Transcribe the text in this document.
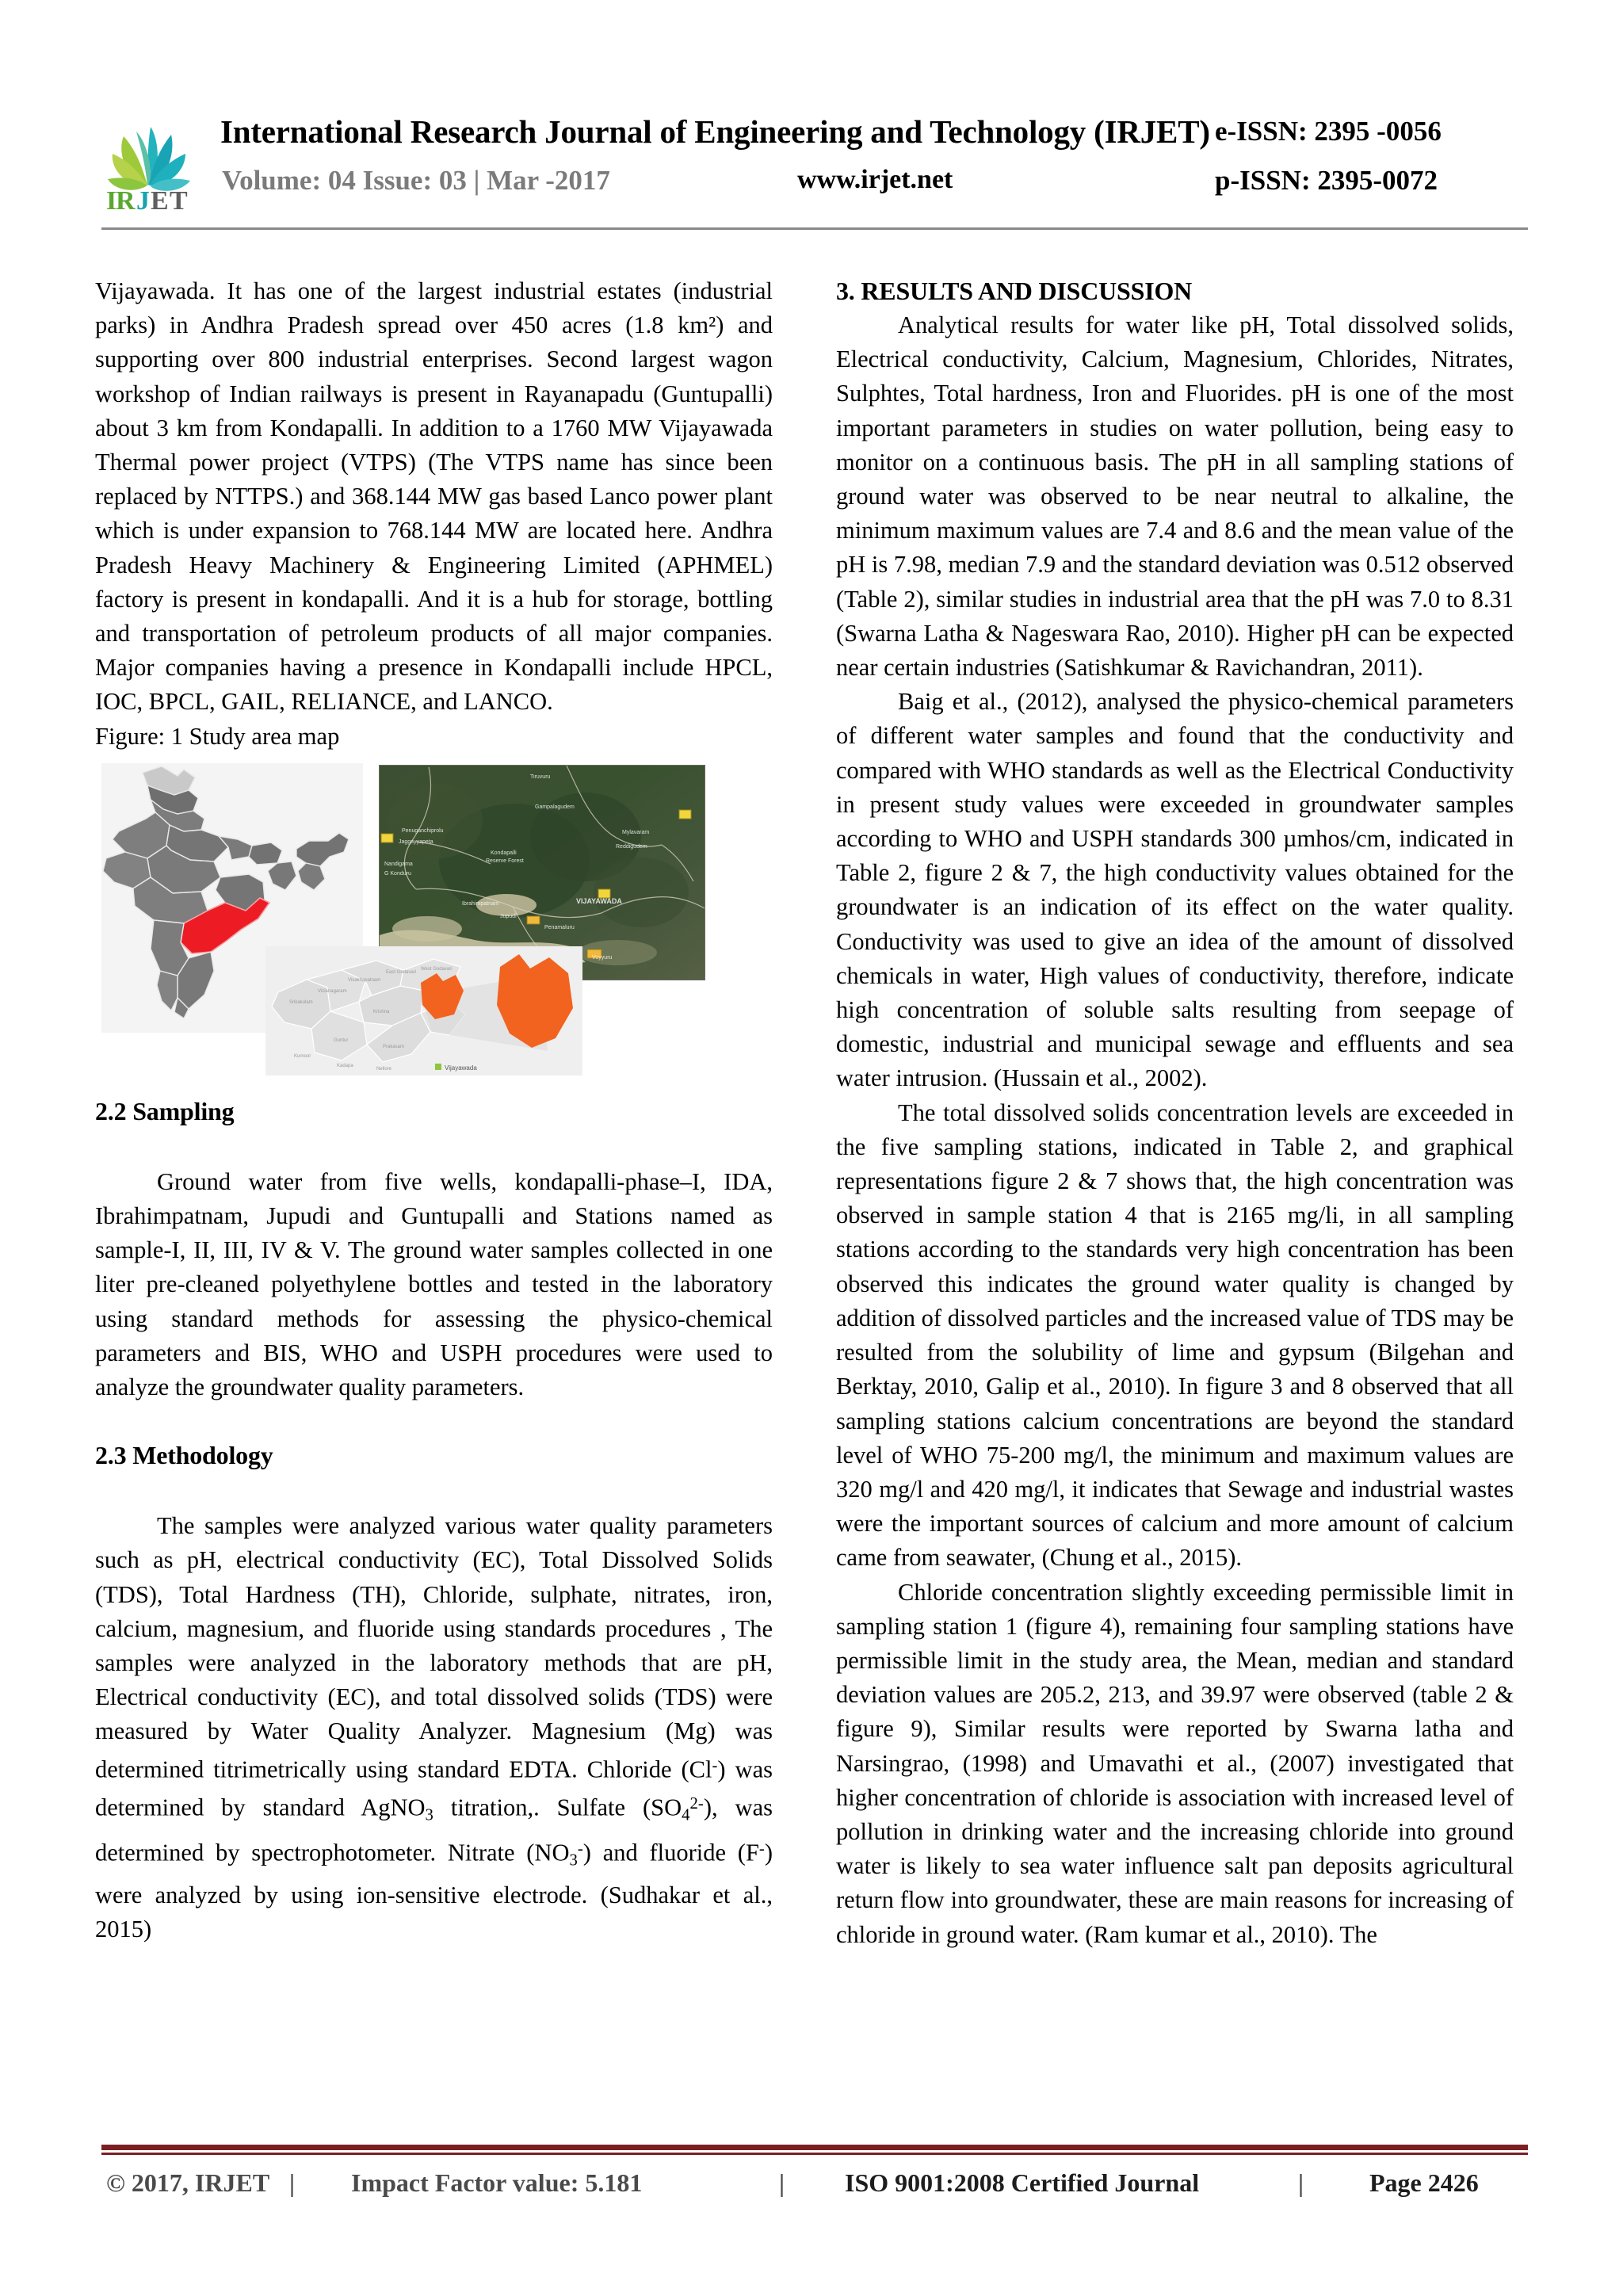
I
R J E T
International Research Journal of Engineering and Technology (IRJET) e-ISSN: 2395 -0056
Volume: 04 Issue: 03 | Mar -2017	www.irjet.net	p-ISSN: 2395-0072

Vijayawada. It has one of the largest industrial estates (industrial parks) in Andhra Pradesh spread over 450 acres (1.8 km²) and supporting over 800 industrial enterprises. Second largest wagon workshop of Indian railways is present in Rayanapadu (Guntupalli) about 3 km from Kondapalli. In addition to a 1760 MW Vijayawada Thermal power project (VTPS) (The VTPS name has since been replaced by NTTPS.) and 368.144 MW gas based Lanco power plant which is under expansion to 768.144 MW are located here. Andhra Pradesh Heavy Machinery & Engineering Limited (APHMEL) factory is present in kondapalli. And it is a hub for storage, bottling and transportation of petroleum products of all major companies. Major companies having a presence in Kondapalli include HPCL, IOC, BPCL, GAIL, RELIANCE, and LANCO.

Figure: 1 Study area map

Tiruvuru
Gampalagudem
Penuganchiprolu
Jaggayyapeta
Nandigama
G Konduru
Kondapalli
Reserve Forest
Mylavaram
Reddigudem
Ibrahimpatnam
Jupudi
VIJAYAWADA
Penamaluru
Vuyyuru
Srikakulam
Vizianagaram
Visakhapatnam
East Godavari
West Godavari
Krishna
Guntur
Prakasam
Kurnool
Kadapa
Nellore	Vijayawada
2.2 Sampling

Ground water from five wells, kondapalli-phase–I, IDA, Ibrahimpatnam, Jupudi and Guntupalli and Stations named as sample-I, II, III, IV & V. The ground water samples collected in one liter pre-cleaned polyethylene bottles and tested in the laboratory using standard methods for assessing the physico-chemical parameters and BIS, WHO and USPH procedures were used to analyze the groundwater quality parameters.

2.3 Methodology

The samples were analyzed various water quality parameters such as pH, electrical conductivity (EC), Total Dissolved Solids (TDS), Total Hardness (TH), Chloride, sulphate, nitrates, iron, calcium, magnesium, and fluoride using standards procedures , The samples were analyzed in the laboratory methods that are pH, Electrical conductivity (EC), and total dissolved solids (TDS) were measured by Water Quality Analyzer. Magnesium (Mg) was determined titrimetrically using standard EDTA. Chloride (Cl-) was determined by standard AgNO$_3$ titration,. Sulfate $(SO_4^{2-})$, was determined by spectrophotometer. Nitrate $(NO_3^-)$ and fluoride (F-) were analyzed by using ion-sensitive electrode. (Sudhakar et al., 2015)

3. RESULTS AND DISCUSSION

Analytical results for water like pH, Total dissolved solids, Electrical conductivity, Calcium, Magnesium, Chlorides, Nitrates, Sulphtes, Total hardness, Iron and Fluorides. pH is one of the most important parameters in studies on water pollution, being easy to monitor on a continuous basis. The pH in all sampling stations of ground water was observed to be near neutral to alkaline, the minimum maximum values are 7.4 and 8.6 and the mean value of the pH is 7.98, median 7.9 and the standard deviation was 0.512 observed (Table 2), similar studies in industrial area that the pH was 7.0 to 8.31 (Swarna Latha & Nageswara Rao, 2010). Higher pH can be expected near certain industries (Satishkumar & Ravichandran, 2011).

Baig et al., (2012), analysed the physico-chemical parameters of different water samples and found that the conductivity and compared with WHO standards as well as the Electrical Conductivity in present study values were exceeded in groundwater samples according to WHO and USPH standards 300 µmhos/cm, indicated in Table 2, figure 2 & 7, the high conductivity values obtained for the groundwater is an indication of its effect on the water quality. Conductivity was used to give an idea of the amount of dissolved chemicals in water, High values of conductivity, therefore, indicate high concentration of soluble salts resulting from seepage of domestic, industrial and municipal sewage and effluents and sea water intrusion. (Hussain et al., 2002).

The total dissolved solids concentration levels are exceeded in the five sampling stations, indicated in Table 2, and graphical representations figure 2 & 7 shows that, the high concentration was observed in sample station 4 that is 2165 mg/li, in all sampling stations according to the standards very high concentration has been observed this indicates the ground water quality is changed by addition of dissolved particles and the increased value of TDS may be resulted from the solubility of lime and gypsum (Bilgehan and Berktay, 2010, Galip et al., 2010). In figure 3 and 8 observed that all sampling stations calcium concentrations are beyond the standard level of WHO 75-200 mg/l, the minimum and maximum values are 320 mg/l and 420 mg/l, it indicates that Sewage and industrial wastes were the important sources of calcium and more amount of calcium came from seawater, (Chung et al., 2015).

Chloride concentration slightly exceeding permissible limit in sampling station 1 (figure 4), remaining four sampling stations have permissible limit in the study area, the Mean, median and standard deviation values are 205.2, 213, and 39.97 were observed (table 2 & figure 9), Similar results were reported by Swarna latha and Narsingrao, (1998) and Umavathi et al., (2007) investigated that higher concentration of chloride is association with increased level of pollution in drinking water and the increasing chloride into ground water is likely to sea water influence salt pan deposits agricultural return flow into groundwater, these are main reasons for increasing of chloride in ground water. (Ram kumar et al., 2010). The

© 2017, IRJET | Impact Factor value: 5.181	| ISO 9001:2008 Certified Journal	|	Page 2426
